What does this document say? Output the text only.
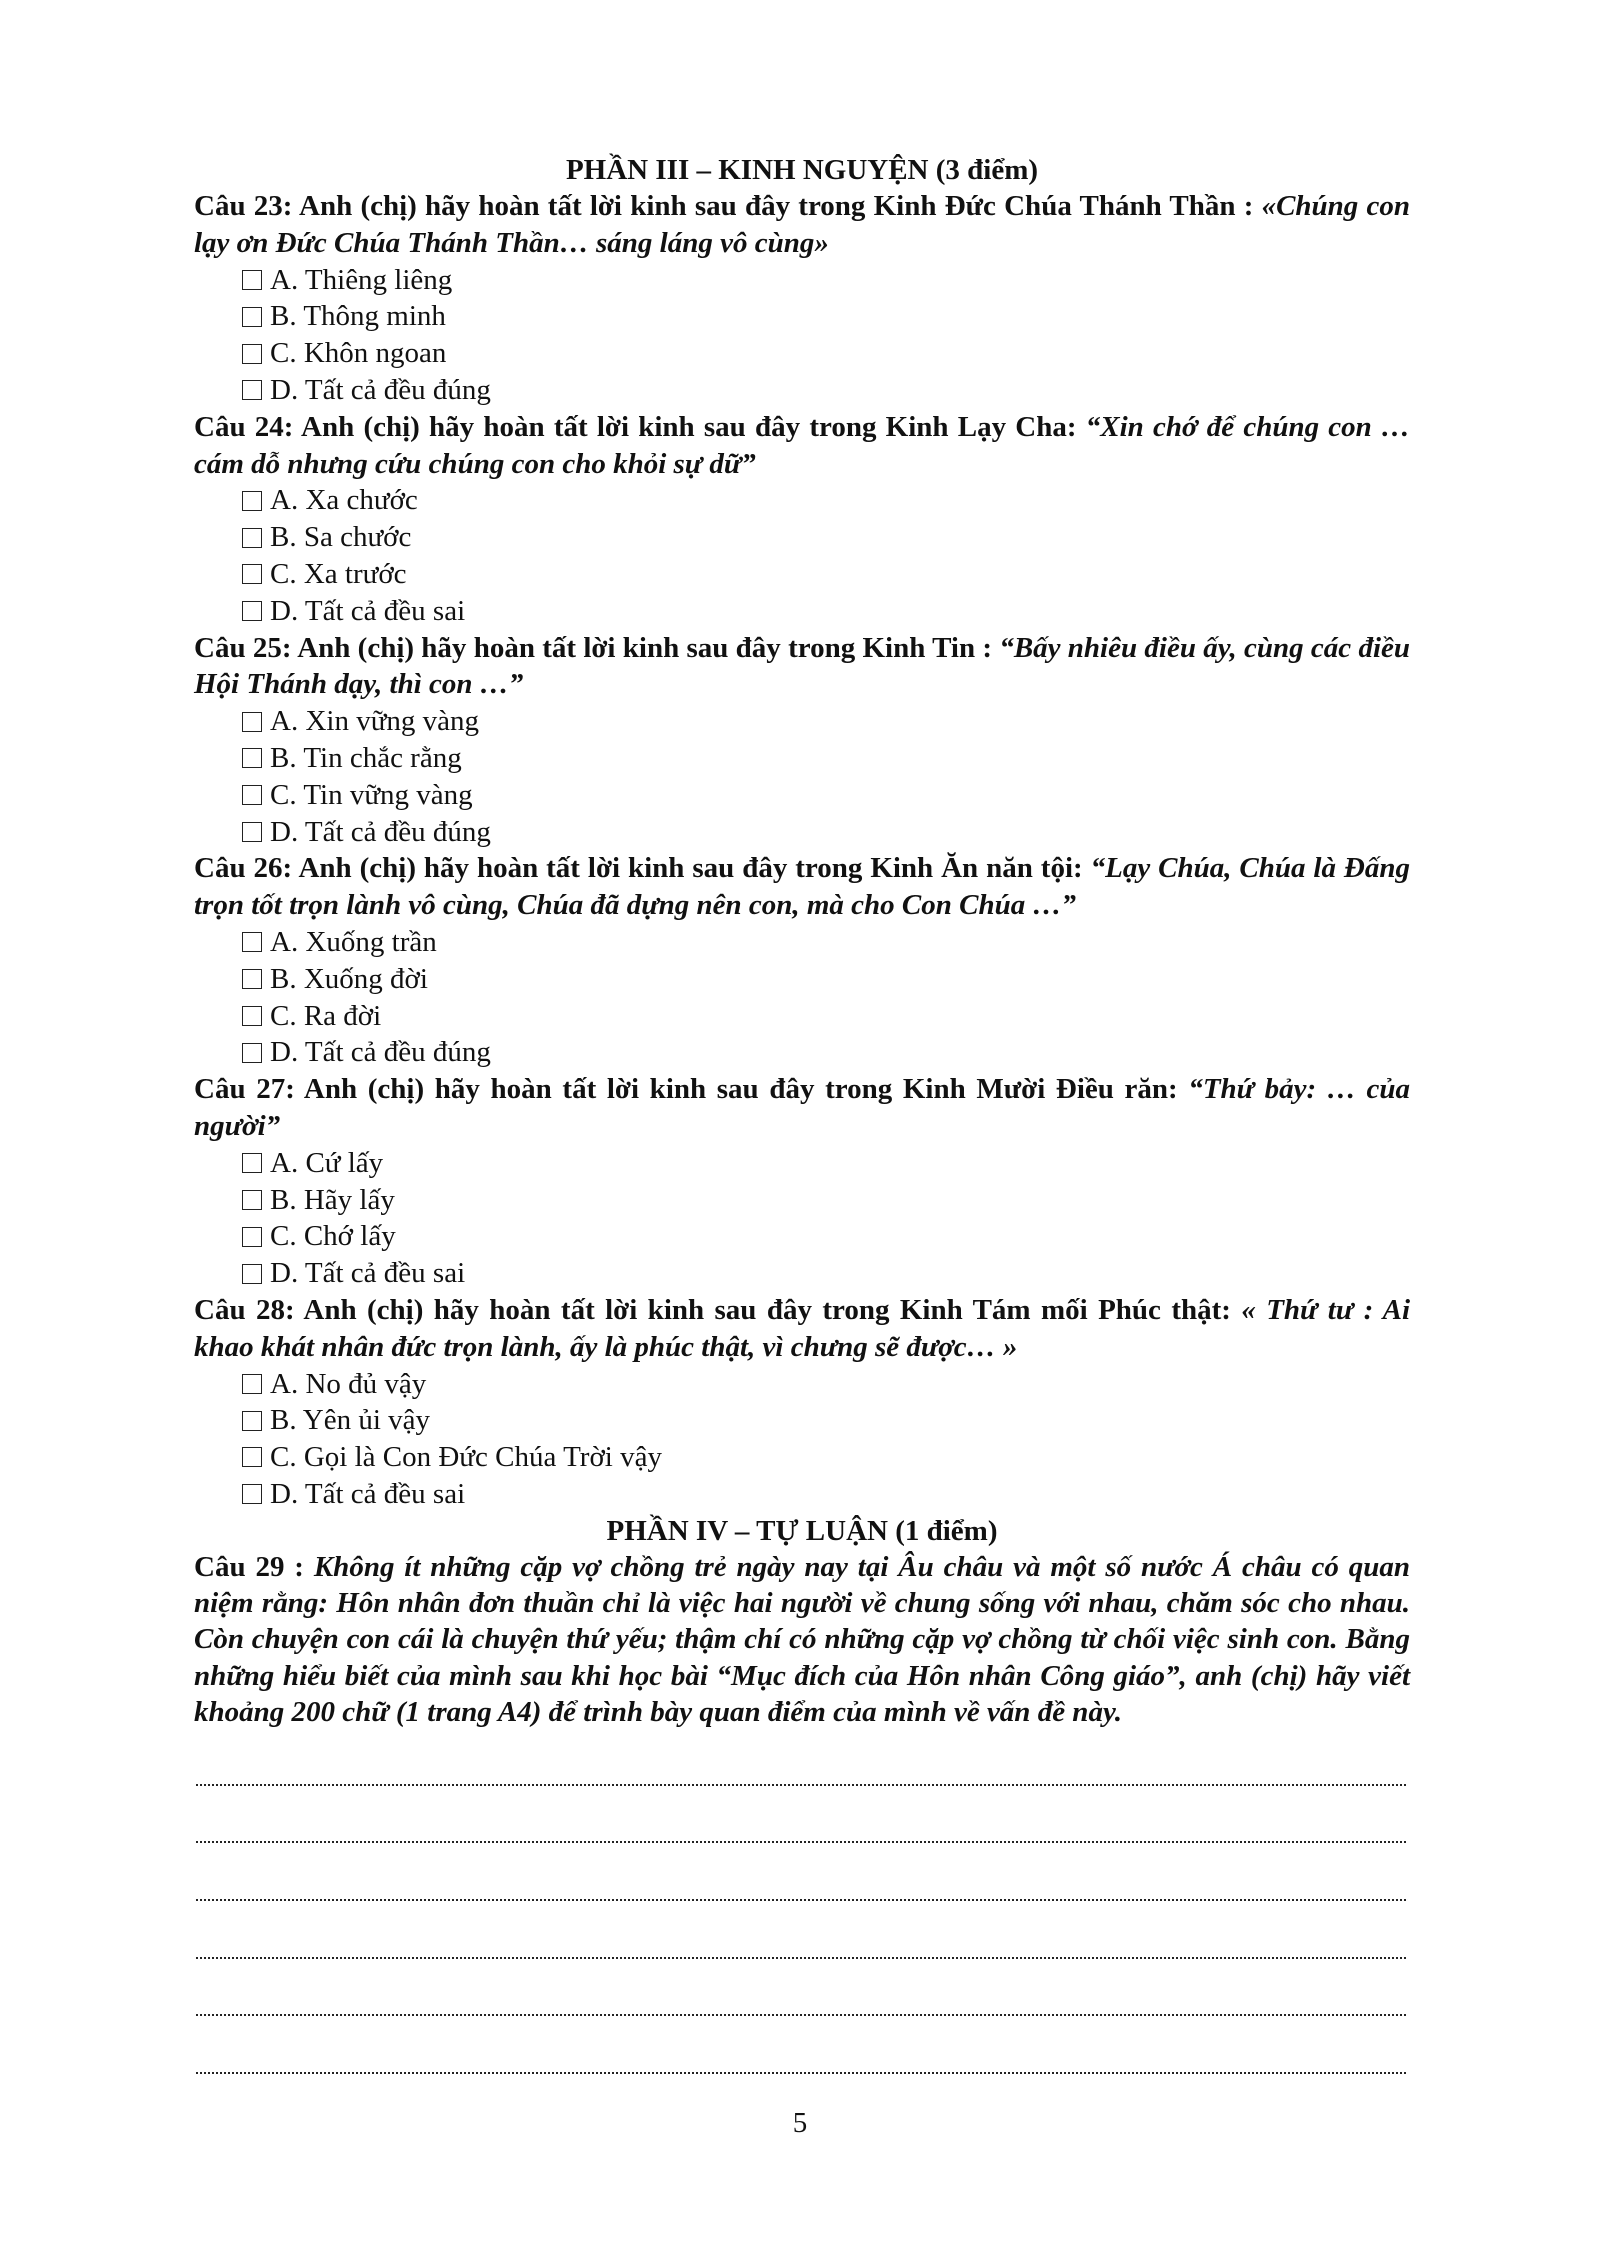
PHẦN III – KINH NGUYỆN (3 điểm)

Câu 23: Anh (chị) hãy hoàn tất lời kinh sau đây trong Kinh Đức Chúa Thánh Thần : «Chúng con lạy ơn Đức Chúa Thánh Thần… sáng láng vô cùng»

A. Thiêng liêng
B. Thông minh
C. Khôn ngoan
D. Tất cả đều đúng

Câu 24: Anh (chị) hãy hoàn tất lời kinh sau đây trong Kinh Lạy Cha: “Xin chớ để chúng con … cám dỗ nhưng cứu chúng con cho khỏi sự dữ”

A. Xa chước
B. Sa chước
C. Xa trước
D. Tất cả đều sai

Câu 25: Anh (chị) hãy hoàn tất lời kinh sau đây trong Kinh Tin : “Bấy nhiêu điều ấy, cùng các điều Hội Thánh dạy, thì con …”

A. Xin vững vàng
B. Tin chắc rằng
C. Tin vững vàng
D. Tất cả đều đúng

Câu 26: Anh (chị) hãy hoàn tất lời kinh sau đây trong Kinh Ăn năn tội: “Lạy Chúa, Chúa là Đấng trọn tốt trọn lành vô cùng, Chúa đã dựng nên con, mà cho Con Chúa …”

A. Xuống trần
B. Xuống đời
C. Ra đời
D. Tất cả đều đúng

Câu 27: Anh (chị) hãy hoàn tất lời kinh sau đây trong Kinh Mười Điều răn: “Thứ bảy: … của người”

A. Cứ lấy
B. Hãy lấy
C. Chớ lấy
D. Tất cả đều sai

Câu 28: Anh (chị) hãy hoàn tất lời kinh sau đây trong Kinh Tám mối Phúc thật: « Thứ tư : Ai khao khát nhân đức trọn lành, ấy là phúc thật, vì chưng sẽ được… »

A. No đủ vậy
B. Yên ủi vậy
C. Gọi là Con Đức Chúa Trời vậy
D. Tất cả đều sai

PHẦN IV – TỰ LUẬN (1 điểm)

Câu 29 : Không ít những cặp vợ chồng trẻ ngày nay tại Âu châu và một số nước Á châu có quan niệm rằng: Hôn nhân đơn thuần chỉ là việc hai người về chung sống với nhau, chăm sóc cho nhau. Còn chuyện con cái là chuyện thứ yếu; thậm chí có những cặp vợ chồng từ chối việc sinh con. Bằng những hiểu biết của mình sau khi học bài “Mục đích của Hôn nhân Công giáo”, anh (chị) hãy viết khoảng 200 chữ (1 trang A4) để trình bày quan điểm của mình về vấn đề này.

5
